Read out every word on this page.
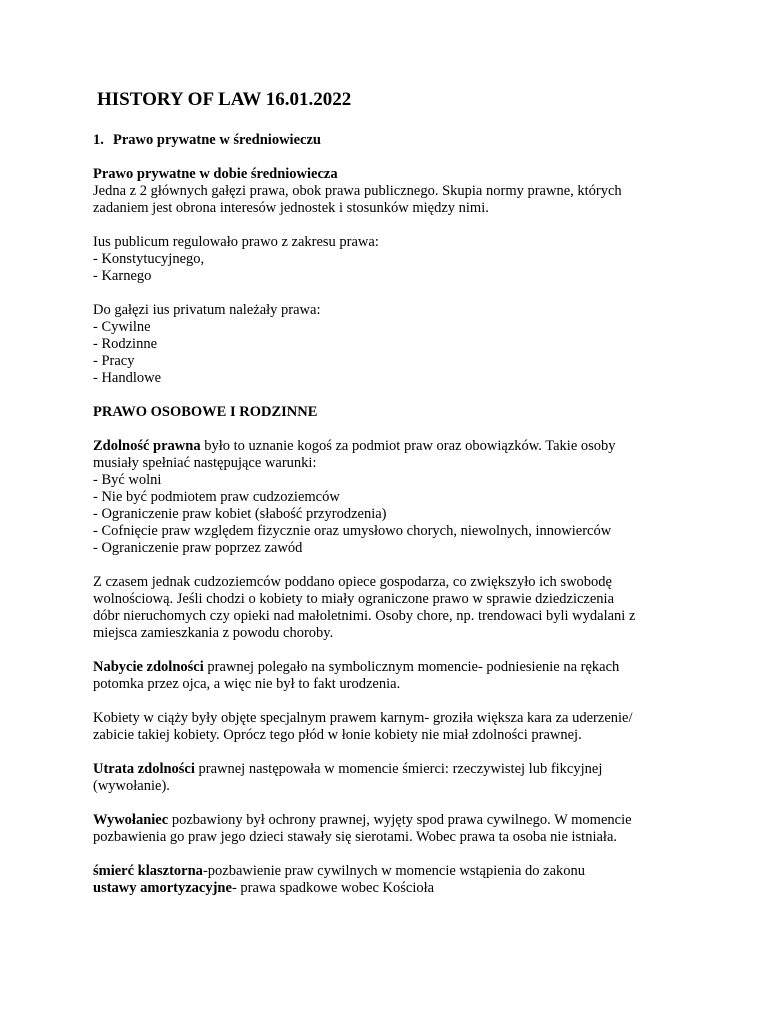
HISTORY OF LAW 16.01.2022
1. Prawo prywatne w średniowieczu
Prawo prywatne w dobie średniowiecza
Jedna z 2 głównych gałęzi prawa, obok prawa publicznego. Skupia normy prawne, których
zadaniem jest obrona interesów jednostek i stosunków między nimi.
Ius publicum regulowało prawo z zakresu prawa:
- Konstytucyjnego,
- Karnego
Do gałęzi ius privatum należały prawa:
- Cywilne
- Rodzinne
- Pracy
- Handlowe
PRAWO OSOBOWE I RODZINNE
Zdolność prawna było to uznanie kogoś za podmiot praw oraz obowiązków. Takie osoby
musiały spełniać następujące warunki:
- Być wolni
- Nie być podmiotem praw cudzoziemców
- Ograniczenie praw kobiet (słabość przyrodzenia)
- Cofnięcie praw względem fizycznie oraz umysłowo chorych, niewolnych, innowierców
- Ograniczenie praw poprzez zawód
Z czasem jednak cudzoziemców poddano opiece gospodarza, co zwiększyło ich swobodę
wolnościową. Jeśli chodzi o kobiety to miały ograniczone prawo w sprawie dziedziczenia
dóbr nieruchomych czy opieki nad małoletnimi. Osoby chore, np. trendowaci byli wydalani z
miejsca zamieszkania z powodu choroby.
Nabycie zdolności prawnej polegało na symbolicznym momencie- podniesienie na rękach
potomka przez ojca, a więc nie był to fakt urodzenia.
Kobiety w ciąży były objęte specjalnym prawem karnym- groziła większa kara za uderzenie/
zabicie takiej kobiety. Oprócz tego płód w łonie kobiety nie miał zdolności prawnej.
Utrata zdolności prawnej następowała w momencie śmierci: rzeczywistej lub fikcyjnej
(wywołanie).
Wywołaniec pozbawiony był ochrony prawnej, wyjęty spod prawa cywilnego. W momencie
pozbawienia go praw jego dzieci stawały się sierotami. Wobec prawa ta osoba nie istniała.
śmierć klasztorna-pozbawienie praw cywilnych w momencie wstąpienia do zakonu
ustawy amortyzacyjne- prawa spadkowe wobec Kościoła
